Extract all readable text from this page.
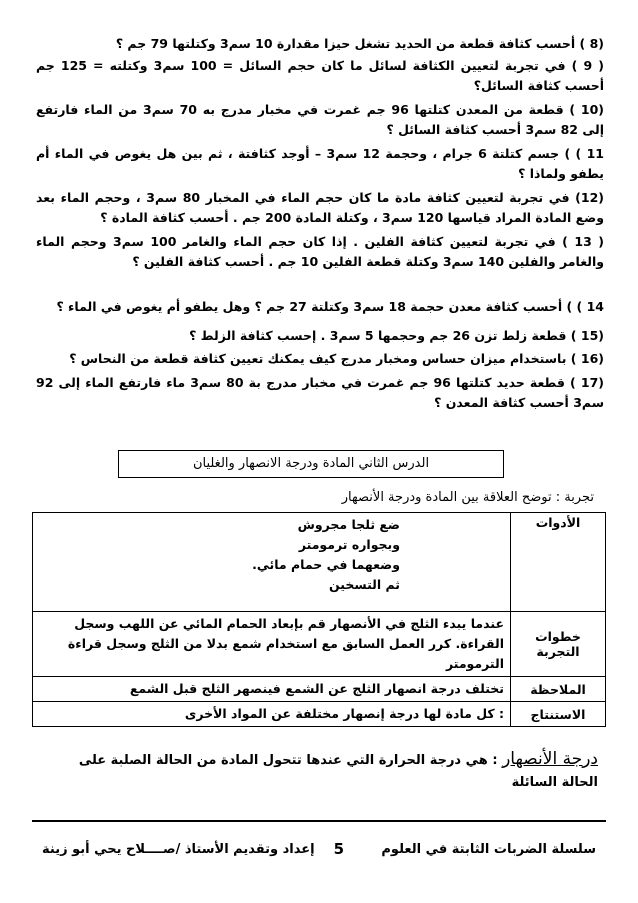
(8 ) أحسب كثافة قطعة من الحديد تشغل حيزا مقدارة 10 سم3 وكتلتها 79 جم ؟

( 9 ) في تجربة لتعيين الكثافة لسائل ما كان حجم السائل = 100 سم3 وكتلته = 125 جم أحسب كثافة السائل؟

(10 ) قطعة من المعدن كتلتها 96 جم غمرت في مخبار مدرج به 70 سم3 من الماء فارتفع إلى 82 سم3 أحسب كثافة السائل ؟

11 ) ) جسم كتلتة 6 جرام ، وحجمة 12 سم3 – أوجد كثافتة ، ثم بين هل يغوص في الماء أم يطفو ولماذا ؟

(12) في تجربة لتعيين كثافة مادة ما كان حجم الماء في المخبار 80 سم3 ، وحجم الماء بعد وضع المادة المراد قياسها 120 سم3 ، وكتلة المادة 200 جم . أحسب كثافة المادة ؟

( 13 ) في تجربة لتعيين كثافة الفلين . إذا كان حجم الماء والغامر 100 سم3 وحجم الماء والغامر والفلين 140 سم3 وكتلة قطعة الفلين 10 جم . أحسب كثافة الفلين ؟

14 ) ) أحسب كثافة معدن حجمة 18 سم3 وكتلتة 27 جم ؟ وهل يطفو أم يغوص في الماء ؟

(15 ) قطعة زلط تزن 26 جم وحجمها 5 سم3 . إحسب كثافة الزلط ؟

(16 ) باستخدام ميزان حساس ومخبار مدرج كيف يمكنك تعيين كثافة قطعة من النحاس ؟

(17 ) قطعة حديد كتلتها 96 جم غمرت في مخبار مدرج بة 80 سم3 ماء فارتفع الماء إلى 92 سم3 أحسب كثافة المعدن ؟

الدرس الثاني المادة ودرجة الانصهار والغليان
تجربة : توضح العلاقة بين المادة ودرجة الأنصهار
الأدوات	ضع ثلجا مجروش
وبجواره ترمومتر
وضعهما في حمام مائي.
ثم التسخين

خطوات التجربة	عندما يبدء الثلج في الأنصهار قم بإبعاد الحمام المائي عن اللهب وسجل القراءة. كرر العمل السابق مع استخدام شمع بدلا من الثلج وسجل قراءة الترمومتر
الملاحظة	تختلف درجة انصهار الثلج عن الشمع فينصهر الثلج قبل الشمع
الاستنتاج	: كل مادة لها درجة إنصهار مختلفة عن المواد الأخرى
درجة الأنصهار : هي درجة الحرارة التي عندها تتحول المادة من الحالة الصلبة على الحالة السائلة
سلسلة الضربات الثابتة في العلوم
5
إعداد وتقديم الأستاذ /صــــلاح يحي أبو زينة
